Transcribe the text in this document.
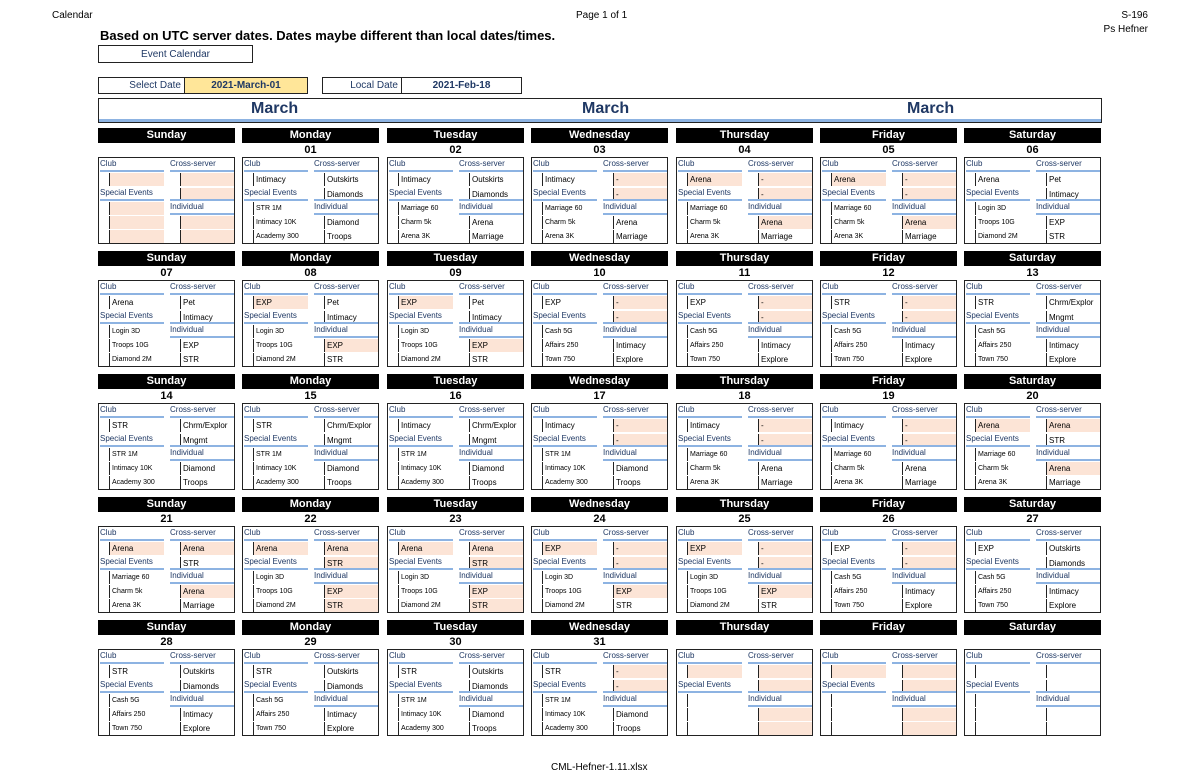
Calendar	Page 1 of 1	S-196
Ps Hefner
Based on UTC server dates. Dates maybe different than local dates/times.
Event Calendar
Select Date	2021-March-01	Local Date	2021-Feb-18
March	March	March
Sunday
Club	Cross-server
Special Events
Individual
Monday
01
Club	Cross-server
Intimacy	Outskirts
Special Events	Diamonds
Individual
STR 1M
Intimacy 10K	Diamond
Academy 300	Troops
Tuesday
02
Club	Cross-server
Intimacy	Outskirts
Special Events	Diamonds
Individual
Marriage 60
Charm 5k	Arena
Arena 3K	Marriage
Wednesday
03
Club	Cross-server
Intimacy	-
Special Events	-
Individual
Marriage 60
Charm 5k	Arena
Arena 3K	Marriage
Thursday
04
Club	Cross-server
Arena	-
Special Events	-
Individual
Marriage 60
Charm 5k	Arena
Arena 3K	Marriage
Friday
05
Club	Cross-server
Arena	-
Special Events	-
Individual
Marriage 60
Charm 5k	Arena
Arena 3K	Marriage
Saturday
06
Club	Cross-server
Arena	Pet
Special Events	Intimacy
Individual
Login 3D
Troops 10G	EXP
Diamond 2M	STR
Sunday
07
Club	Cross-server
Arena	Pet
Special Events	Intimacy
Individual
Login 3D
Troops 10G	EXP
Diamond 2M	STR
Monday
08
Club	Cross-server
EXP	Pet
Special Events	Intimacy
Individual
Login 3D
Troops 10G	EXP
Diamond 2M	STR
Tuesday
09
Club	Cross-server
EXP	Pet
Special Events	Intimacy
Individual
Login 3D
Troops 10G	EXP
Diamond 2M	STR
Wednesday
10
Club	Cross-server
EXP	-
Special Events	-
Individual
Cash 5G
Affairs 250	Intimacy
Town 750	Explore
Thursday
11
Club	Cross-server
EXP	-
Special Events	-
Individual
Cash 5G
Affairs 250	Intimacy
Town 750	Explore
Friday
12
Club	Cross-server
STR	-
Special Events	-
Individual
Cash 5G
Affairs 250	Intimacy
Town 750	Explore
Saturday
13
Club	Cross-server
STR	Chrm/Explor
Special Events	Mngmt
Individual
Cash 5G
Affairs 250	Intimacy
Town 750	Explore
Sunday
14
Club	Cross-server
STR	Chrm/Explor
Special Events	Mngmt
Individual
STR 1M
Intimacy 10K	Diamond
Academy 300	Troops
Monday
15
Club	Cross-server
STR	Chrm/Explor
Special Events	Mngmt
Individual
STR 1M
Intimacy 10K	Diamond
Academy 300	Troops
Tuesday
16
Club	Cross-server
Intimacy	Chrm/Explor
Special Events	Mngmt
Individual
STR 1M
Intimacy 10K	Diamond
Academy 300	Troops
Wednesday
17
Club	Cross-server
Intimacy	-
Special Events	-
Individual
STR 1M
Intimacy 10K	Diamond
Academy 300	Troops
Thursday
18
Club	Cross-server
Intimacy	-
Special Events	-
Individual
Marriage 60
Charm 5k	Arena
Arena 3K	Marriage
Friday
19
Club	Cross-server
Intimacy	-
Special Events	-
Individual
Marriage 60
Charm 5k	Arena
Arena 3K	Marriage
Saturday
20
Club	Cross-server
Arena	Arena
Special Events	STR
Individual
Marriage 60
Charm 5k	Arena
Arena 3K	Marriage
Sunday
21
Club	Cross-server
Arena	Arena
Special Events	STR
Individual
Marriage 60
Charm 5k	Arena
Arena 3K	Marriage
Monday
22
Club	Cross-server
Arena	Arena
Special Events	STR
Individual
Login 3D
Troops 10G	EXP
Diamond 2M	STR
Tuesday
23
Club	Cross-server
Arena	Arena
Special Events	STR
Individual
Login 3D
Troops 10G	EXP
Diamond 2M	STR
Wednesday
24
Club	Cross-server
EXP	-
Special Events	-
Individual
Login 3D
Troops 10G	EXP
Diamond 2M	STR
Thursday
25
Club	Cross-server
EXP	-
Special Events	-
Individual
Login 3D
Troops 10G	EXP
Diamond 2M	STR
Friday
26
Club	Cross-server
EXP	-
Special Events	-
Individual
Cash 5G
Affairs 250	Intimacy
Town 750	Explore
Saturday
27
Club	Cross-server
EXP	Outskirts
Special Events	Diamonds
Individual
Cash 5G
Affairs 250	Intimacy
Town 750	Explore
Sunday
28
Club	Cross-server
STR	Outskirts
Special Events	Diamonds
Individual
Cash 5G
Affairs 250	Intimacy
Town 750	Explore
Monday
29
Club	Cross-server
STR	Outskirts
Special Events	Diamonds
Individual
Cash 5G
Affairs 250	Intimacy
Town 750	Explore
Tuesday
30
Club	Cross-server
STR	Outskirts
Special Events	Diamonds
Individual
STR 1M
Intimacy 10K	Diamond
Academy 300	Troops
Wednesday
31
Club	Cross-server
STR	-
Special Events	-
Individual
STR 1M
Intimacy 10K	Diamond
Academy 300	Troops
Thursday
Club	Cross-server
Special Events
Individual
Friday
Club	Cross-server
Special Events
Individual
Saturday
Club	Cross-server
Special Events
Individual
CML-Hefner-1.11.xlsx
